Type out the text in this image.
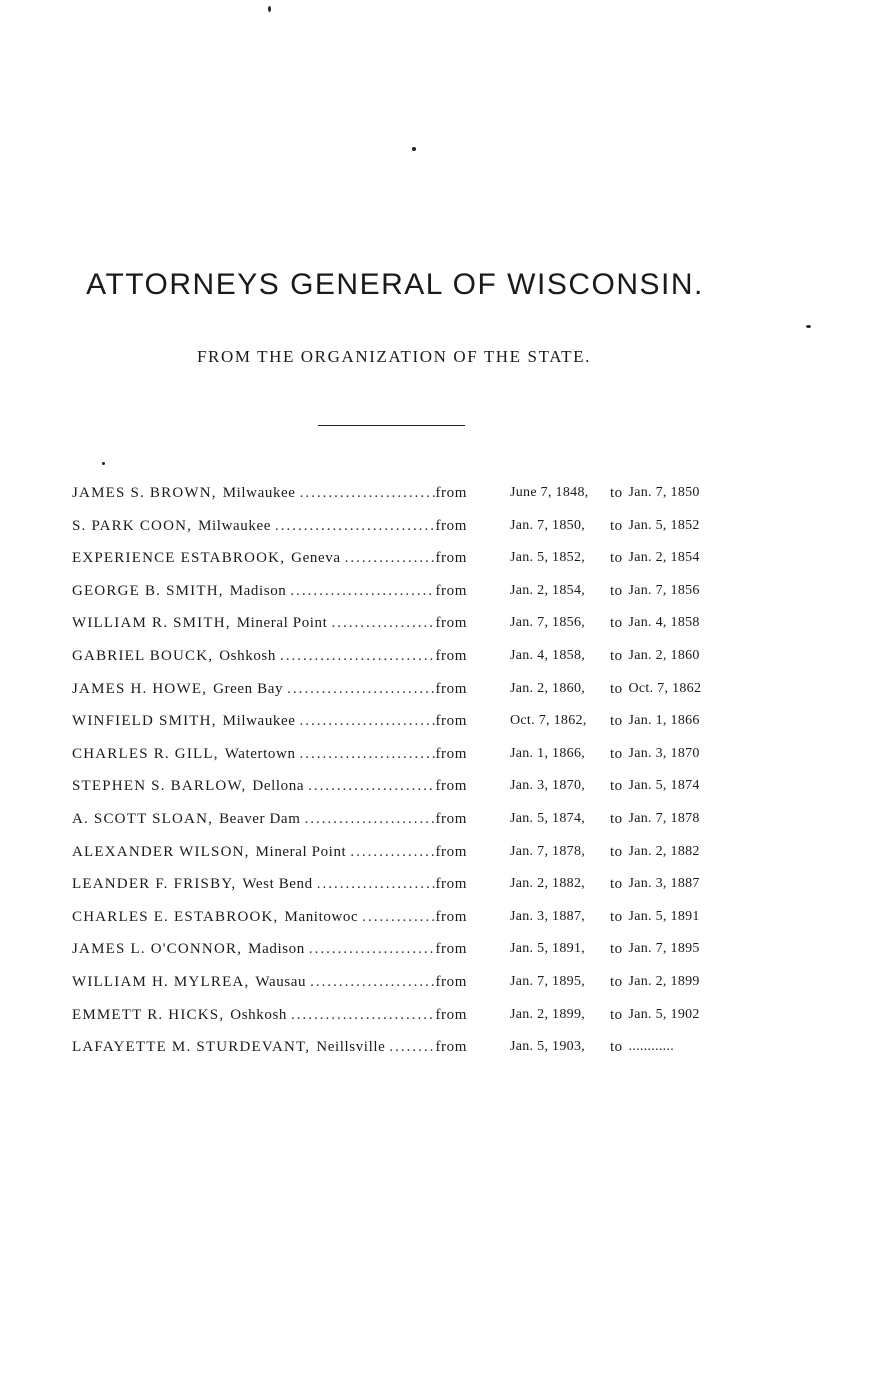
ATTORNEYS GENERAL OF WISCONSIN.
FROM THE ORGANIZATION OF THE STATE.
JAMES S. BROWN, Milwaukee .....	from	June 7, 1848,	to Jan. 7, 1850
S. PARK COON, Milwaukee .....	from	Jan. 7, 1850,	to Jan. 5, 1852
EXPERIENCE ESTABROOK, Geneva .....	from	Jan. 5, 1852,	to Jan. 2, 1854
GEORGE B. SMITH, Madison .....	from	Jan. 2, 1854,	to Jan. 7, 1856
WILLIAM R. SMITH, Mineral Point .....	from	Jan. 7, 1856,	to Jan. 4, 1858
GABRIEL BOUCK, Oshkosh .....	from	Jan. 4, 1858,	to Jan. 2, 1860
JAMES H. HOWE, Green Bay .....	from	Jan. 2, 1860,	to Oct. 7, 1862
WINFIELD SMITH, Milwaukee .....	from	Oct. 7, 1862,	to Jan. 1, 1866
CHARLES R. GILL, Watertown .....	from	Jan. 1, 1866,	to Jan. 3, 1870
STEPHEN S. BARLOW, Dellona .....	from	Jan. 3, 1870,	to Jan. 5, 1874
A. SCOTT SLOAN, Beaver Dam .....	from	Jan. 5, 1874,	to Jan. 7, 1878
ALEXANDER WILSON, Mineral Point .....	from	Jan. 7, 1878,	to Jan. 2, 1882
LEANDER F. FRISBY, West Bend .....	from	Jan. 2, 1882,	to Jan. 3, 1887
CHARLES E. ESTABROOK, Manitowoc .....	from	Jan. 3, 1887,	to Jan. 5, 1891
JAMES L. O'CONNOR, Madison .....	from	Jan. 5, 1891,	to Jan. 7, 1895
WILLIAM H. MYLREA, Wausau .....	from	Jan. 7, 1895,	to Jan. 2, 1899
EMMETT R. HICKS, Oshkosh .....	from	Jan. 2, 1899,	to Jan. 5, 1902
LAFAYETTE M. STURDEVANT, Neillsville .....	from	Jan. 5, 1903,	to ............
